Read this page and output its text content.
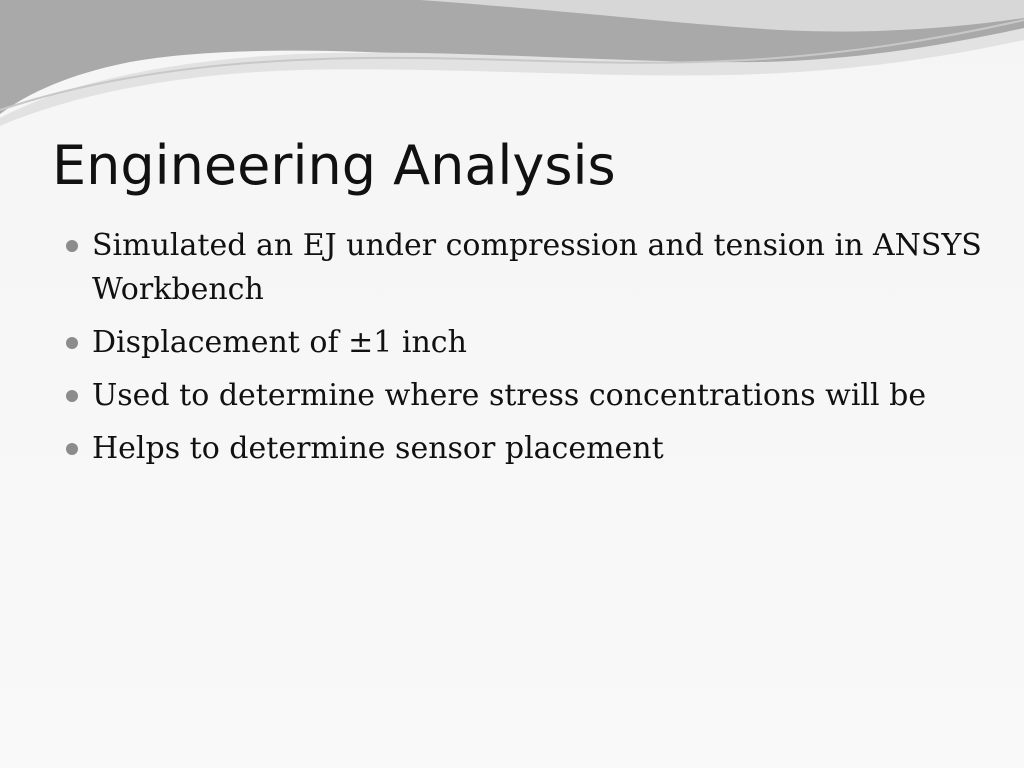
Engineering Analysis
Simulated an EJ under compression and tension in ANSYS Workbench
Displacement of ±1 inch
Used to determine where stress concentrations will be
Helps to determine sensor placement
